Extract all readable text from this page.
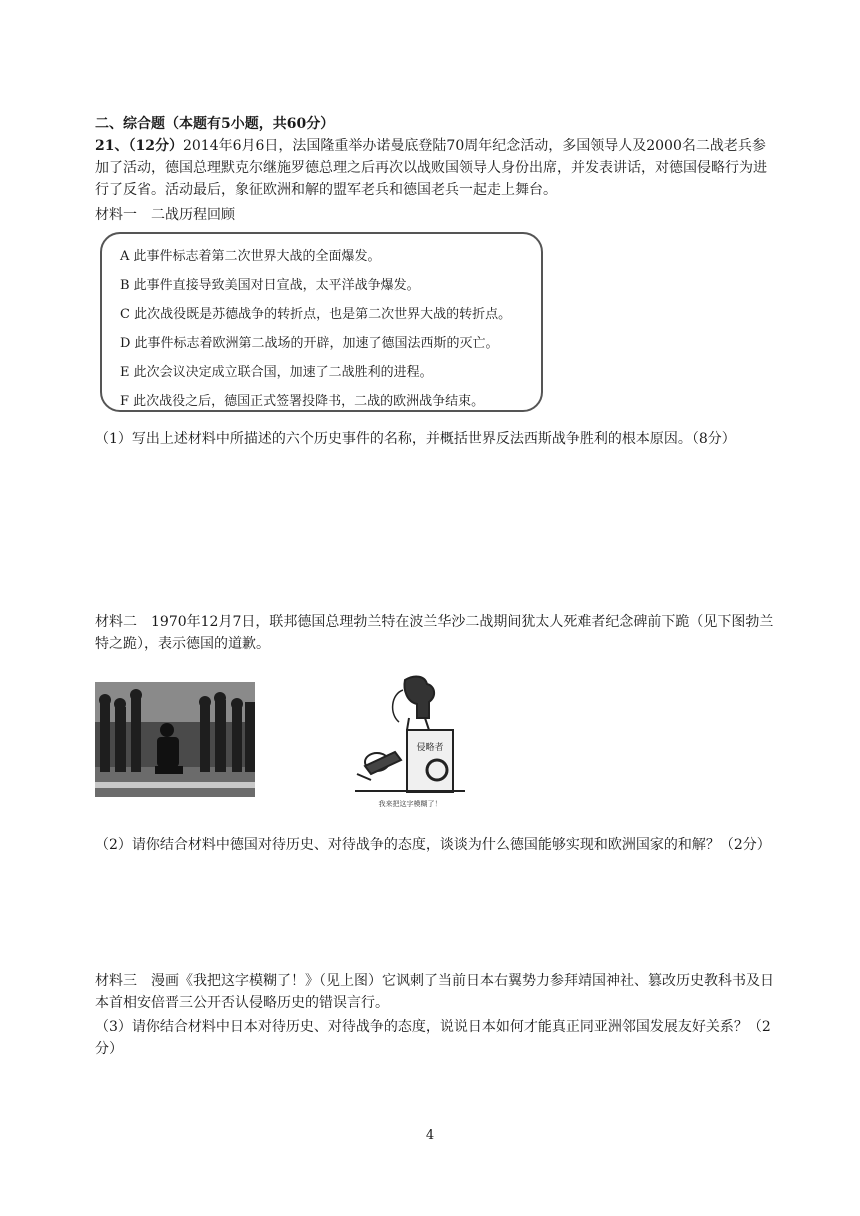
二、综合题（本题有5小题，共60分）
21、（12分）2014年6月6日，法国隆重举办诺曼底登陆70周年纪念活动，多国领导人及2000名二战老兵参加了活动，德国总理默克尔继施罗德总理之后再次以战败国领导人身份出席，并发表讲话，对德国侵略行为进行了反省。活动最后，象征欧洲和解的盟军老兵和德国老兵一起走上舞台。
材料一　二战历程回顾
A 此事件标志着第二次世界大战的全面爆发。
B 此事件直接导致美国对日宣战，太平洋战争爆发。
C 此次战役既是苏德战争的转折点，也是第二次世界大战的转折点。
D 此事件标志着欧洲第二战场的开辟，加速了德国法西斯的灭亡。
E 此次会议决定成立联合国，加速了二战胜利的进程。
F 此次战役之后，德国正式签署投降书，二战的欧洲战争结束。
（1）写出上述材料中所描述的六个历史事件的名称，并概括世界反法西斯战争胜利的根本原因。（8分）
材料二　1970年12月7日，联邦德国总理勃兰特在波兰华沙二战期间犹太人死难者纪念碑前下跪（见下图勃兰特之跪），表示德国的道歉。
侵略者
我来把这字模糊了！
（2）请你结合材料中德国对待历史、对待战争的态度，谈谈为什么德国能够实现和欧洲国家的和解？（2分）
材料三　漫画《我把这字模糊了！》（见上图）它讽刺了当前日本右翼势力参拜靖国神社、篡改历史教科书及日本首相安倍晋三公开否认侵略历史的错误言行。
（3）请你结合材料中日本对待历史、对待战争的态度，说说日本如何才能真正同亚洲邻国发展友好关系？（2分）
4
